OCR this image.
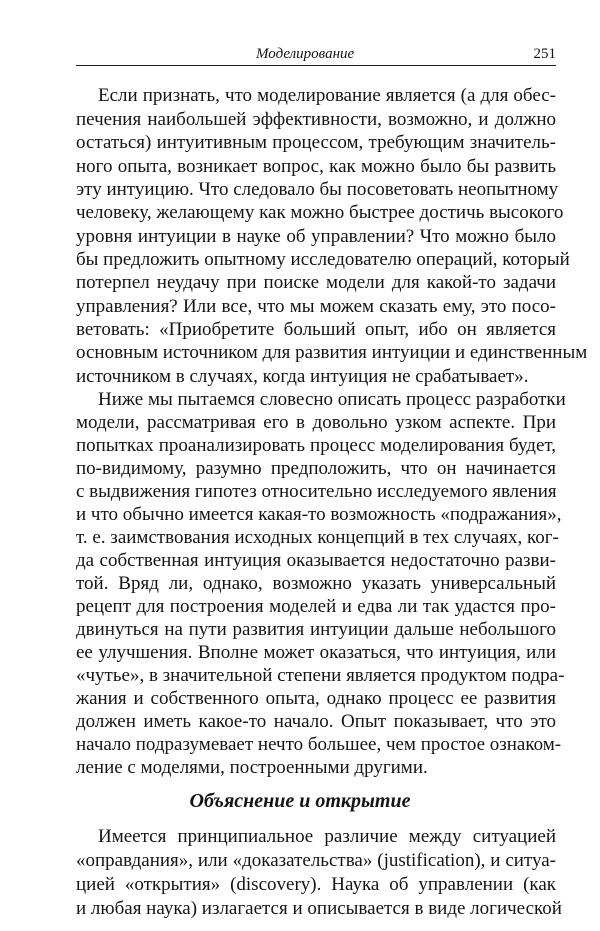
Моделирование	251

Если признать, что моделирование является (а для обес-

печения наибольшей эффективности, возможно, и должно

остаться) интуитивным процессом, требующим значитель-

ного опыта, возникает вопрос, как можно было бы развить

эту интуицию. Что следовало бы посоветовать неопытному

человеку, желающему как можно быстрее достичь высокого

уровня интуиции в науке об управлении? Что можно было

бы предложить опытному исследователю операций, который

потерпел неудачу при поиске модели для какой-то задачи

управления? Или все, что мы можем сказать ему, это посо-

ветовать: «Приобретите больший опыт, ибо он является

основным источником для развития интуиции и единственным

источником в случаях, когда интуиция не срабатывает».

Ниже мы пытаемся словесно описать процесс разработки

модели, рассматривая его в довольно узком аспекте. При

попытках проанализировать процесс моделирования будет,

по-видимому, разумно предположить, что он начинается

с выдвижения гипотез относительно исследуемого явления

и что обычно имеется какая-то возможность «подражания»,

т. е. заимствования исходных концепций в тех случаях, ког-

да собственная интуиция оказывается недостаточно разви-

той. Вряд ли, однако, возможно указать универсальный

рецепт для построения моделей и едва ли так удастся про-

двинуться на пути развития интуиции дальше небольшого

ее улучшения. Вполне может оказаться, что интуиция, или

«чутье», в значительной степени является продуктом подра-

жания и собственного опыта, однако процесс ее развития

должен иметь какое-то начало. Опыт показывает, что это

начало подразумевает нечто большее, чем простое ознаком-

ление с моделями, построенными другими.

Объяснение и открытие

Имеется принципиальное различие между ситуацией

«оправдания», или «доказательства» (justification), и ситуа-

цией «открытия» (discovery). Наука об управлении (как

и любая наука) излагается и описывается в виде логической
